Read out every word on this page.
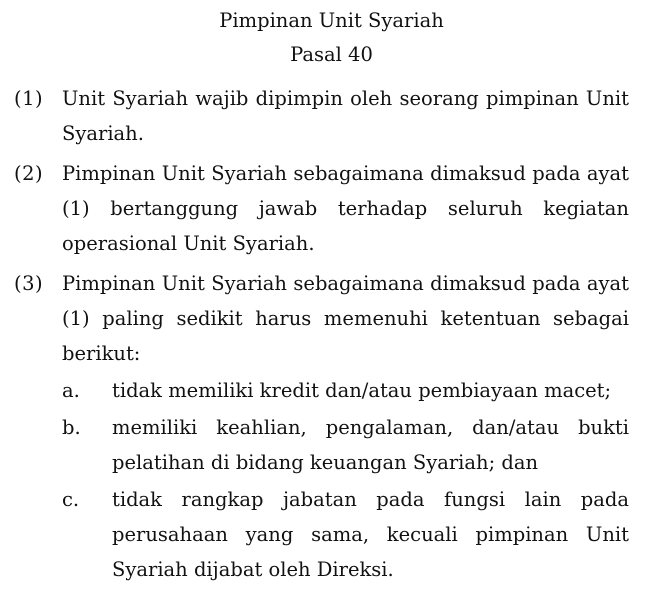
Pimpinan Unit Syariah
Pasal 40
(1) Unit Syariah wajib dipimpin oleh seorang pimpinan Unit Syariah.

(2) Pimpinan Unit Syariah sebagaimana dimaksud pada ayat (1) bertanggung jawab terhadap seluruh kegiatan operasional Unit Syariah.

(3) Pimpinan Unit Syariah sebagaimana dimaksud pada ayat (1) paling sedikit harus memenuhi ketentuan sebagai berikut:

a.	tidak memiliki kredit dan/atau pembiayaan macet;

b.	memiliki keahlian, pengalaman, dan/atau bukti pelatihan di bidang keuangan Syariah; dan

c.	tidak rangkap jabatan pada fungsi lain pada perusahaan yang sama, kecuali pimpinan Unit Syariah dijabat oleh Direksi.
